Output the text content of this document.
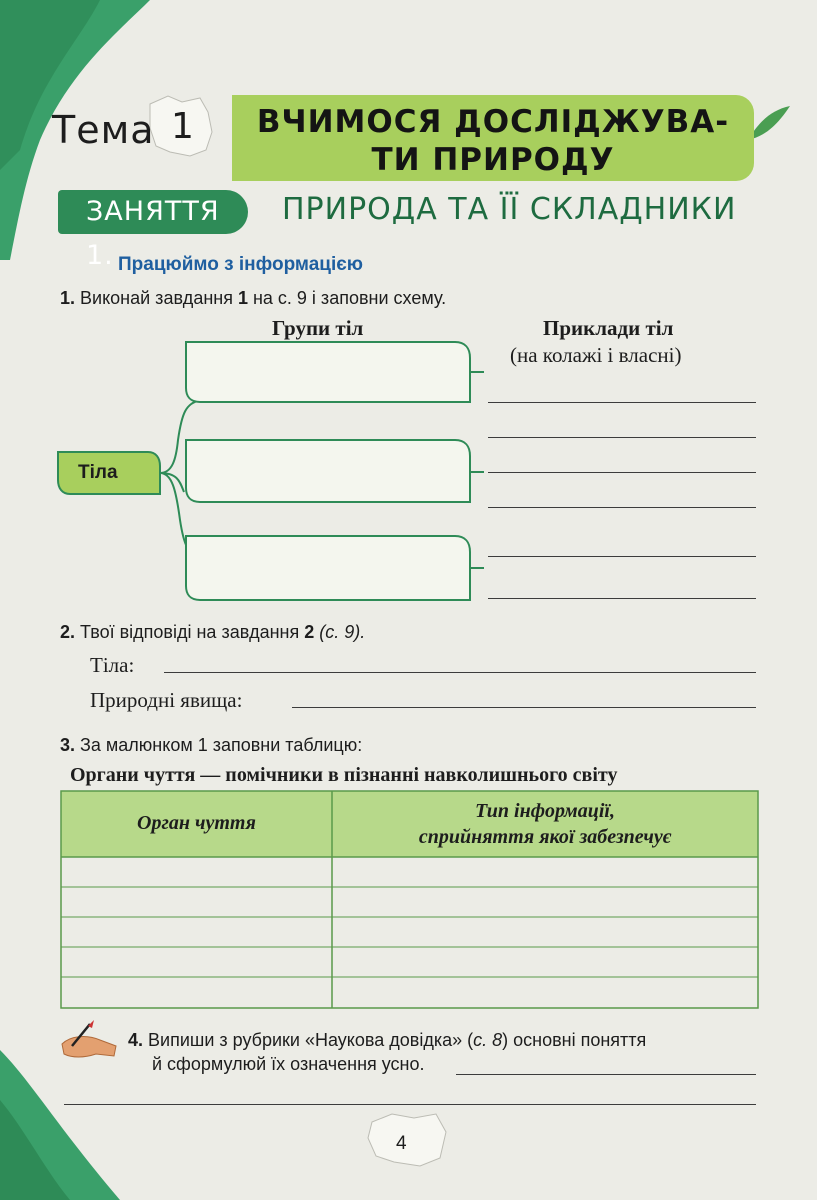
Тема 1	ВЧИМОСЯ ДОСЛІДЖУВА-
ТИ ПРИРОДУ
ЗАНЯТТЯ 1.
ПРИРОДА ТА ЇЇ СКЛАДНИКИ
Працюймо з інформацією
1. Виконай завдання 1 на с. 9 і заповни схему.
Групи тіл	Приклади тіл
(на колажі і власні)
Тіла
2. Твої відповіді на завдання 2 (с. 9).
Тіла:
Природні явища:
3. За малюнком 1 заповни таблицю:
Органи чуття — помічники в пізнанні навколишнього світу
Орган чуття
Тип інформації,
сприйняття якої забезпечує
4. Випиши з рубрики «Наукова довідка» (с. 8) основні поняття
й сформулюй їх означення усно.
4
